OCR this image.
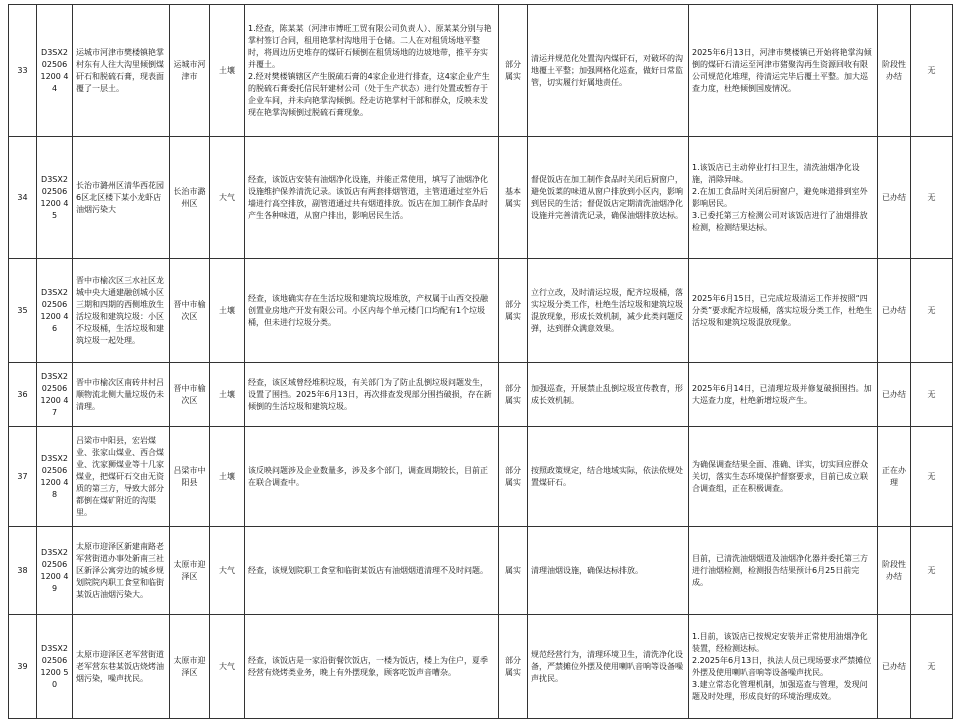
33	D3SX2025061200 44	运城市河津市樊楼镇艳掌村东有人往大沟里倾倒煤矸石和脱硫石膏，现表面覆了一层土。	运城市河津市	土壤	1.经查，陈某某（河津市博旺工贸有限公司负责人）、原某某分别与艳掌村签订合同，租用艳掌村沟地用于仓储。二人在对租赁场地平整时，将周边历史堆存的煤矸石倾倒在租赁场地的边坡地带，推平夯实并覆土。
2.经对樊楼镇辖区产生脱硫石膏的4家企业进行排查，这4家企业产生的脱硫石膏委托信民轩建材公司（处于生产状态）进行处置或暂存于企业车间，并未向艳掌沟倾倒。经走访艳掌村干部和群众，反映未发现在艳掌沟倾倒过脱硫石膏现象。	部分属实	清运并规范化处置沟内煤矸石，对破坏的沟地覆土平整；加强网格化巡查，做好日常监管，切实履行好属地责任。	2025年6月13日，河津市樊楼镇已开始将艳掌沟倾倒的煤矸石清运至河津市猪聚沟再生资源回收有限公司规范化堆理，待清运完毕后覆土平整。加大巡查力度，杜绝倾倒国废情况。	阶段性办结	无
34	D3SX2025061200 45	长治市潞州区清华西花园6区北区楼下某小龙虾店油烟污染大	长治市潞州区	大气	经查，该饭店安装有油烟净化设施，并能正常使用，填写了油烟净化设施维护保养清洗记录。该饭店有两套排烟管道，主管道通过室外后墙进行高空排放，副管道通过共有烟道排放。饭店在加工制作食品时产生各种味道，从窗户排出，影响居民生活。	基本属实	督促饭店在加工制作食品时关闭后厨窗户，避免饭菜的味道从窗户排放到小区内，影响到居民的生活；督促饭店定期清洗油烟净化设施并完善清洗记录，确保油烟排放达标。	1.该饭店已主动停业打扫卫生，清洗油烟净化设施，消除异味。
2.在加工食品时关闭后厨窗户，避免味道排到室外影响居民。
3.已委托第三方检测公司对该饭店进行了油烟排放检测，检测结果达标。	已办结	无
35	D3SX2025061200 46	晋中市榆次区三水社区龙城中央大通建融创城小区三期和四期的西侧堆放生活垃圾和建筑垃圾：小区不垃圾桶，生活垃圾和建筑垃圾一起处理。	晋中市榆次区	土壤	经查，该地确实存在生活垃圾和建筑垃圾堆放，产权属于山西交投融创置业房地产开发有限公司。小区内每个单元楼门口均配有1个垃圾桶，但未进行垃圾分类。	部分属实	立行立改，及时清运垃圾，配齐垃圾桶，落实垃圾分类工作，杜绝生活垃圾和建筑垃圾混放现象，形成长效机制，减少此类问题反弹，达到群众满意效果。	2025年6月15日，已完成垃圾清运工作并按照“四分类”要求配齐垃圾桶，落实垃圾分类工作，杜绝生活垃圾和建筑垃圾混放现象。	已办结	无
36	D3SX2025061200 47	晋中市榆次区南砖井村吕顺物流北侧大量垃圾仍未清理。	晋中市榆次区	土壤	经查，该区域曾经堆积垃圾，有关部门为了防止乱倒垃圾问题发生，设置了围挡。2025年6月13日，再次排查发现部分围挡破损，存在新倾倒的生活垃圾和建筑垃圾。	部分属实	加强巡查，开展禁止乱倒垃圾宣传教育，形成长效机制。	2025年6月14日，已清理垃圾并修复破损围挡。加大巡查力度，杜绝新增垃圾产生。	已办结	无
37	D3SX2025061200 48	吕梁市中阳县，宏岩煤业、张家山煤业、西合煤业、沈家狮煤业等十几家煤业，把煤矸石交由无资质的第三方，导致大部分都倒在煤矿附近的沟渠里。	吕梁市中阳县	土壤	该反映问题涉及企业数量多，涉及多个部门，调查周期较长，目前正在联合调查中。	部分属实	按照政策规定，结合地域实际，依法依规处置煤矸石。	为确保调查结果全面、准确、详实，切实回应群众关切，落实生态环境保护督察要求，目前已成立联合调查组，正在积极调查。	正在办理	无
38	D3SX2025061200 49	太原市迎泽区新建南路老军营街道办事处新南三社区新泽公寓旁边的城乡规划院院内职工食堂和临街某饭店油烟污染大。	太原市迎泽区	大气	经查，该规划院职工食堂和临街某饭店有油烟烟道清理不及时问题。	属实	清理油烟设施，确保达标排放。	目前，已清洗油烟烟道及油烟净化器并委托第三方进行油烟检测，检测报告结果预计6月25日前完成。	阶段性办结	无
39	D3SX2025061200 50	太原市迎泽区老军营街道老军营东巷某饭店烧烤油烟污染，噪声扰民。	太原市迎泽区	大气	经查，该饭店是一家沿街餐饮饭店，一楼为饭店，楼上为住户，夏季经营有烧烤类业务，晚上有外摆现象，顾客吃饭声音嘈杂。	部分属实	规范经营行为，清理环境卫生，清洗净化设备，严禁摊位外摆及使用喇叭音响等设备噪声扰民。	1.目前，该饭店已按规定安装并正常使用油烟净化装置，经检测达标。
2.2025年6月13日，执法人员已现场要求严禁摊位外摆及使用喇叭音响等设备噪声扰民。
3.建立常态化管理机制，加强巡查与管理，发现问题及时处理，形成良好的环境治理成效。	已办结	无
